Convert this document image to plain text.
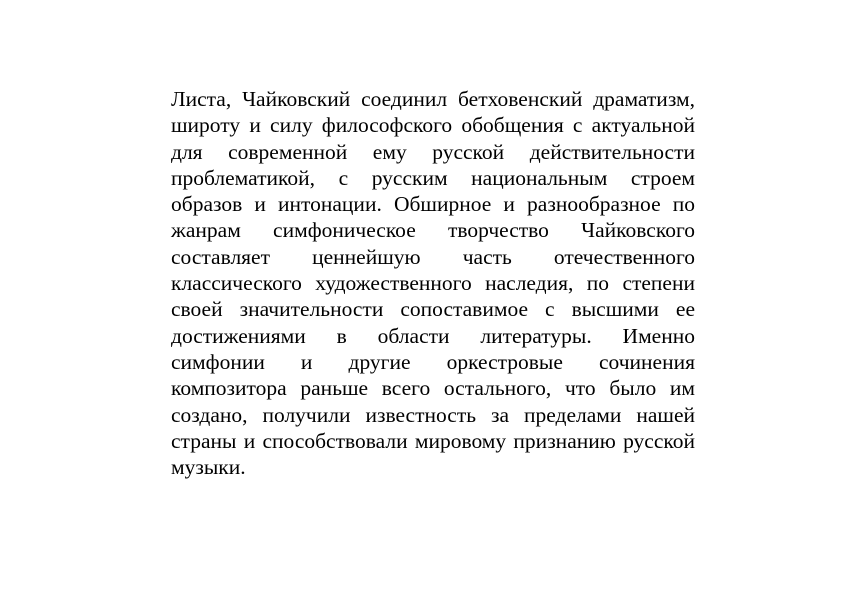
Листа, Чайковский соединил бетховенский драматизм,
широту и силу философского обобщения с актуальной
для современной ему русской действительности
проблематикой, с русским национальным строем
образов и интонации. Обширное и разнообразное по
жанрам симфоническое творчество Чайковского
составляет ценнейшую часть отечественного
классического художественного наследия, по степени
своей значительности сопоставимое с высшими ее
достижениями в области литературы. Именно
симфонии и другие оркестровые сочинения
композитора раньше всего остального, что было им
создано, получили известность за пределами нашей
страны и способствовали мировому признанию русской
музыки.
